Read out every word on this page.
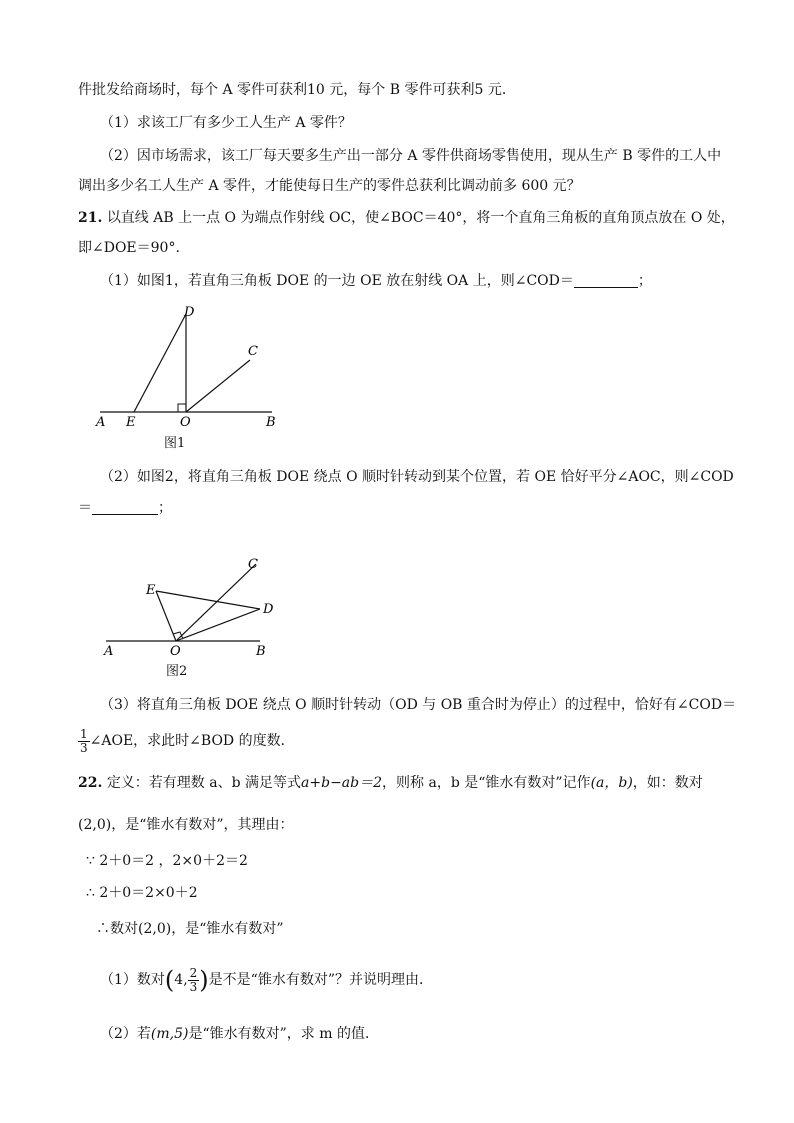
件批发给商场时，每个 A 零件可获利10 元，每个 B 零件可获利5 元．
（1）求该工厂有多少工人生产 A 零件？
（2）因市场需求，该工厂每天要多生产出一部分 A 零件供商场零售使用，现从生产 B 零件的工人中
调出多少名工人生产 A 零件，才能使每日生产的零件总获利比调动前多 600 元？
21. 以直线 AB 上一点 O 为端点作射线 OC，使∠BOC＝40°，将一个直角三角板的直角顶点放在 O 处，
即∠DOE＝90°.
（1）如图1，若直角三角板 DOE 的一边 OE 放在射线 OA 上，则∠COD＝	；
A E	O	B
D
C
图1
（2）如图2，将直角三角板 DOE 绕点 O 顺时针转动到某个位置，若 OE 恰好平分∠AOC，则∠COD
＝	；
A	O	B
E
D
C
图2
（3）将直角三角板 DOE 绕点 O 顺时针转动（OD 与 OB 重合时为停止）的过程中，恰好有∠COD＝
$\frac{1}{3}$ ∠AOE，求此时∠BOD 的度数．
22. 定义：若有理数 a、b 满足等式a+b−ab＝2，则称 a，b 是“锥水有数对”记作(a，b)，如：数对
(2,0)，是“锥水有数对”，其理由：
∵ 2＋0＝2 ，2×0＋2＝2
∴ 2＋0＝2×0＋2
∴数对(2,0)，是“锥水有数对”
（1）数对(4, $\frac{2}{3}$ )是不是“锥水有数对”？并说明理由．
（2）若(m,5)是“锥水有数对”，求 m 的值．
